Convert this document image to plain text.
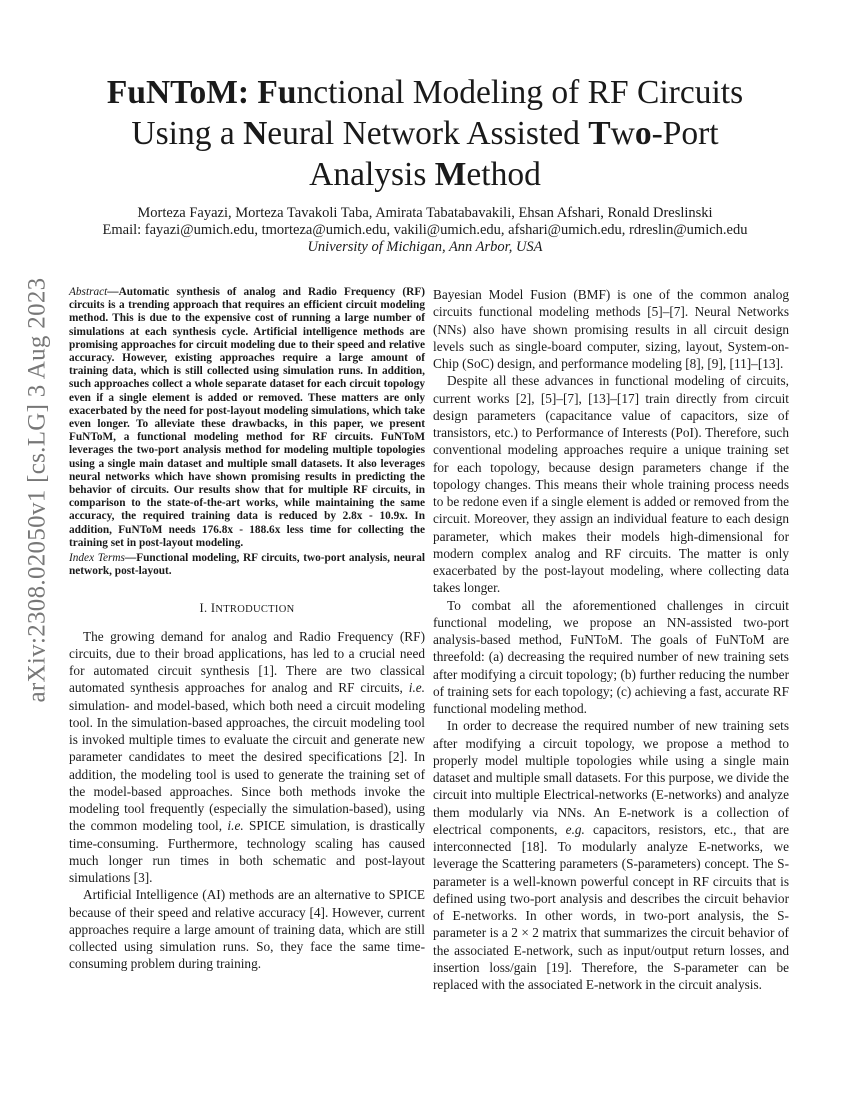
arXiv:2308.02050v1 [cs.LG] 3 Aug 2023
FuNToM: Functional Modeling of RF Circuits
Using a Neural Network Assisted Two-Port
Analysis Method
Morteza Fayazi, Morteza Tavakoli Taba, Amirata Tabatabavakili, Ehsan Afshari, Ronald Dreslinski
Email: fayazi@umich.edu, tmorteza@umich.edu, vakili@umich.edu, afshari@umich.edu, rdreslin@umich.edu
University of Michigan, Ann Arbor, USA
Abstract—Automatic synthesis of analog and Radio Frequency (RF) circuits is a trending approach that requires an efficient circuit modeling method. This is due to the expensive cost of running a large number of simulations at each synthesis cycle. Artificial intelligence methods are promising approaches for circuit modeling due to their speed and relative accuracy. However, existing approaches require a large amount of training data, which is still collected using simulation runs. In addition, such approaches collect a whole separate dataset for each circuit topology even if a single element is added or removed. These matters are only exacerbated by the need for post-layout modeling simulations, which take even longer. To alleviate these drawbacks, in this paper, we present FuNToM, a functional modeling method for RF circuits. FuNToM leverages the two-port analysis method for modeling multiple topologies using a single main dataset and multiple small datasets. It also leverages neural networks which have shown promising results in predicting the behavior of circuits. Our results show that for multiple RF circuits, in comparison to the state-of-the-art works, while maintaining the same accuracy, the required training data is reduced by 2.8x - 10.9x. In addition, FuNToM needs 176.8x - 188.6x less time for collecting the training set in post-layout modeling.
Index Terms—Functional modeling, RF circuits, two-port analysis, neural network, post-layout.
I. INTRODUCTION

The growing demand for analog and Radio Frequency (RF) circuits, due to their broad applications, has led to a crucial need for automated circuit synthesis [1]. There are two classical automated synthesis approaches for analog and RF circuits, i.e. simulation- and model-based, which both need a circuit modeling tool. In the simulation-based approaches, the circuit modeling tool is invoked multiple times to evaluate the circuit and generate new parameter candidates to meet the desired specifications [2]. In addition, the modeling tool is used to generate the training set of the model-based approaches. Since both methods invoke the modeling tool frequently (especially the simulation-based), using the common modeling tool, i.e. SPICE simulation, is drastically time-consuming. Furthermore, technology scaling has caused much longer run times in both schematic and post-layout simulations [3].

Artificial Intelligence (AI) methods are an alternative to SPICE because of their speed and relative accuracy [4]. However, current approaches require a large amount of training data, which are still collected using simulation runs. So, they face the same time-consuming problem during training.

Bayesian Model Fusion (BMF) is one of the common analog circuits functional modeling methods [5]–[7]. Neural Networks (NNs) also have shown promising results in all circuit design levels such as single-board computer, sizing, layout, System-on-Chip (SoC) design, and performance modeling [8], [9], [11]–[13].

Despite all these advances in functional modeling of circuits, current works [2], [5]–[7], [13]–[17] train directly from circuit design parameters (capacitance value of capacitors, size of transistors, etc.) to Performance of Interests (PoI). Therefore, such conventional modeling approaches require a unique training set for each topology, because design parameters change if the topology changes. This means their whole training process needs to be redone even if a single element is added or removed from the circuit. Moreover, they assign an individual feature to each design parameter, which makes their models high-dimensional for modern complex analog and RF circuits. The matter is only exacerbated by the post-layout modeling, where collecting data takes longer.

To combat all the aforementioned challenges in circuit functional modeling, we propose an NN-assisted two-port analysis-based method, FuNToM. The goals of FuNToM are threefold: (a) decreasing the required number of new training sets after modifying a circuit topology; (b) further reducing the number of training sets for each topology; (c) achieving a fast, accurate RF functional modeling method.

In order to decrease the required number of new training sets after modifying a circuit topology, we propose a method to properly model multiple topologies while using a single main dataset and multiple small datasets. For this purpose, we divide the circuit into multiple Electrical-networks (E-networks) and analyze them modularly via NNs. An E-network is a collection of electrical components, e.g. capacitors, resistors, etc., that are interconnected [18]. To modularly analyze E-networks, we leverage the Scattering parameters (S-parameters) concept. The S-parameter is a well-known powerful concept in RF circuits that is defined using two-port analysis and describes the circuit behavior of E-networks. In other words, in two-port analysis, the S-parameter is a 2 × 2 matrix that summarizes the circuit behavior of the associated E-network, such as input/output return losses, and insertion loss/gain [19]. Therefore, the S-parameter can be replaced with the associated E-network in the circuit analysis.
